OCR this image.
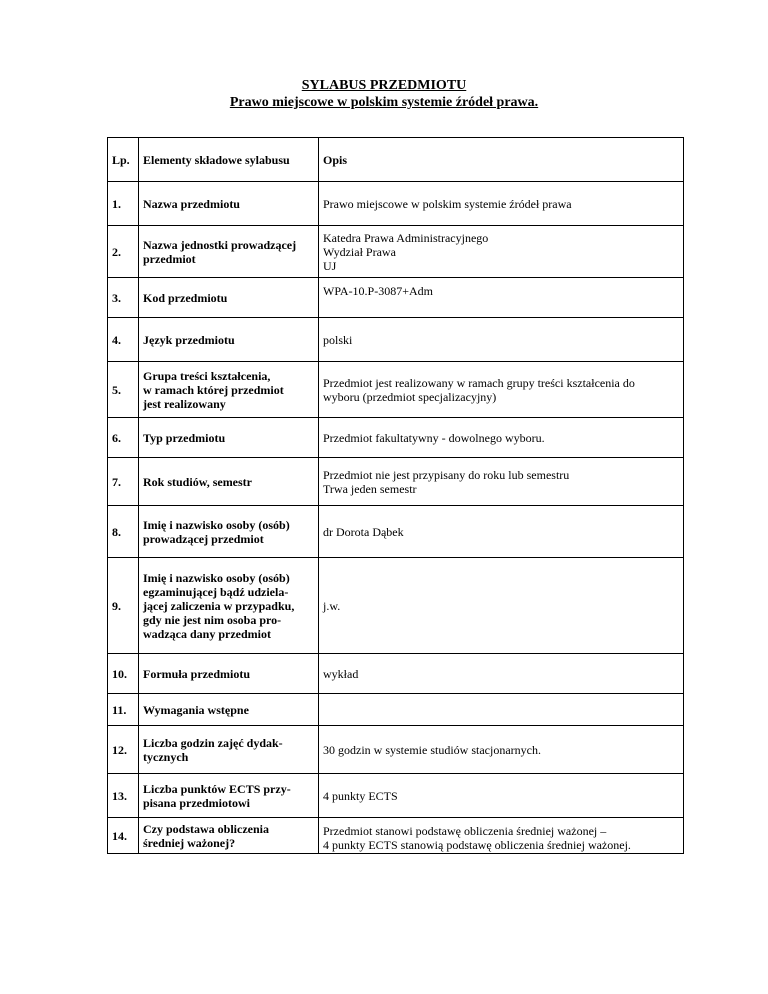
SYLABUS PRZEDMIOTU
Prawo miejscowe w polskim systemie źródeł prawa.
Lp.	Elementy składowe sylabusu	Opis
1.	Nazwa przedmiotu	Prawo miejscowe w polskim systemie źródeł prawa

2.	Nazwa jednostki prowadzącej
przedmiot	Katedra Prawa Administracyjnego
Wydział Prawa
UJ

3.	Kod przedmiotu	WPA-10.P-3087+Adm

4.	Język przedmiotu	polski

5.	Grupa treści kształcenia,
w ramach której przedmiot
jest realizowany	Przedmiot jest realizowany w ramach grupy treści kształcenia do
wyboru (przedmiot specjalizacyjny)

6.	Typ przedmiotu	Przedmiot fakultatywny - dowolnego wyboru.

7.	Rok studiów, semestr	Przedmiot nie jest przypisany do roku lub semestru
Trwa jeden semestr

8.	Imię i nazwisko osoby (osób)
prowadzącej przedmiot	dr Dorota Dąbek

9.	Imię i nazwisko osoby (osób)
egzaminującej bądź udziela-
jącej zaliczenia w przypadku,
gdy nie jest nim osoba pro-
wadząca dany przedmiot	j.w.

10.	Formuła przedmiotu	wykład

11.	Wymagania wstępne	

12.	Liczba godzin zajęć dydak-
tycznych	30 godzin w systemie studiów stacjonarnych.

13.	Liczba punktów ECTS przy-
pisana przedmiotowi	4 punkty ECTS

14.	Czy podstawa obliczenia
średniej ważonej?	Przedmiot stanowi podstawę obliczenia średniej ważonej –
4 punkty ECTS stanowią podstawę obliczenia średniej ważonej.
